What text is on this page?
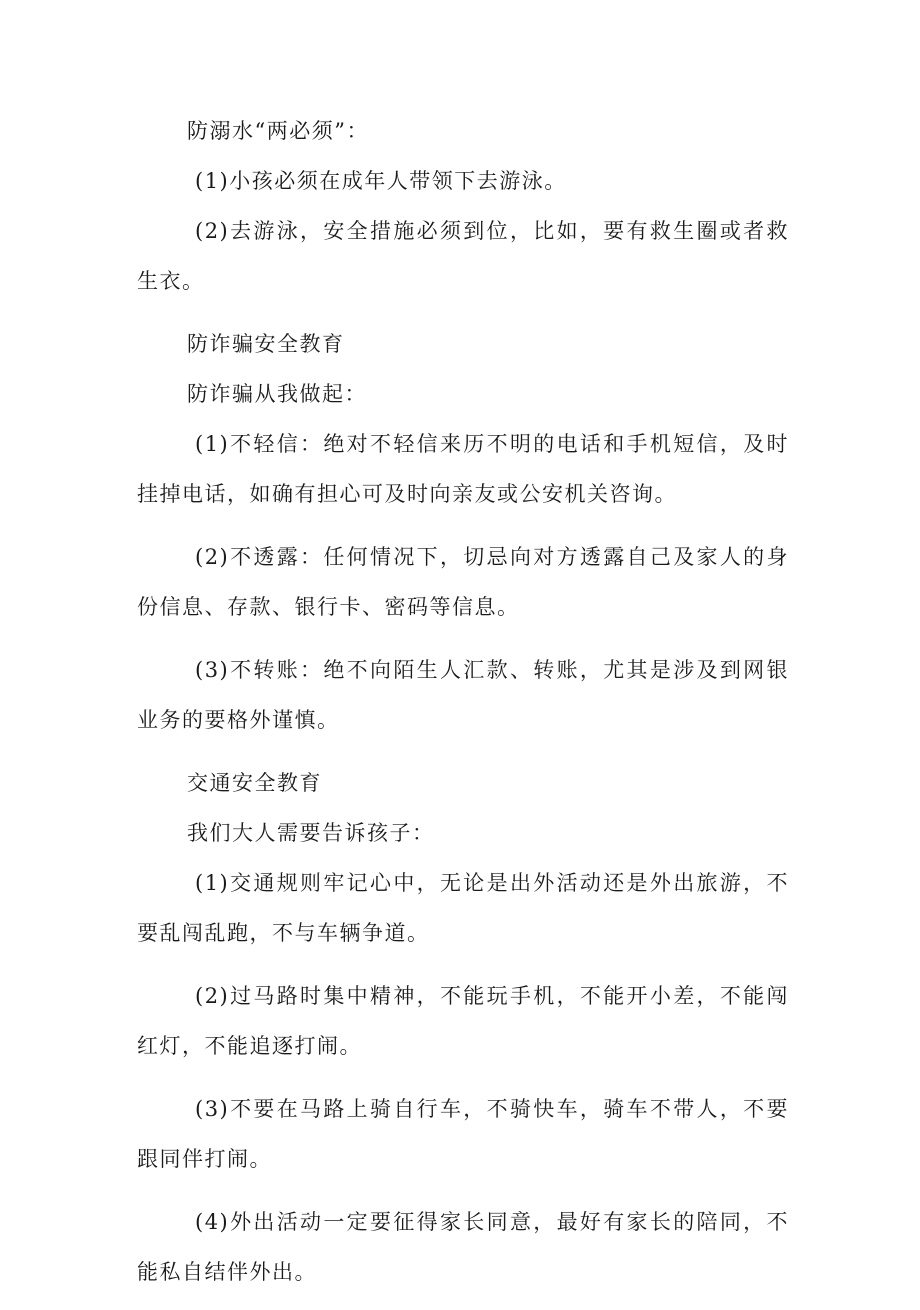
防溺水“两必须”：

(1)小孩必须在成年人带领下去游泳。

(2)去游泳，安全措施必须到位，比如，要有救生圈或者救生衣。

防诈骗安全教育

防诈骗从我做起：

(1)不轻信：绝对不轻信来历不明的电话和手机短信，及时挂掉电话，如确有担心可及时向亲友或公安机关咨询。

(2)不透露：任何情况下，切忌向对方透露自己及家人的身份信息、存款、银行卡、密码等信息。

(3)不转账：绝不向陌生人汇款、转账，尤其是涉及到网银业务的要格外谨慎。

交通安全教育

我们大人需要告诉孩子：

(1)交通规则牢记心中，无论是出外活动还是外出旅游，不要乱闯乱跑，不与车辆争道。

(2)过马路时集中精神，不能玩手机，不能开小差，不能闯红灯，不能追逐打闹。

(3)不要在马路上骑自行车，不骑快车，骑车不带人，不要跟同伴打闹。

(4)外出活动一定要征得家长同意，最好有家长的陪同，不能私自结伴外出。
